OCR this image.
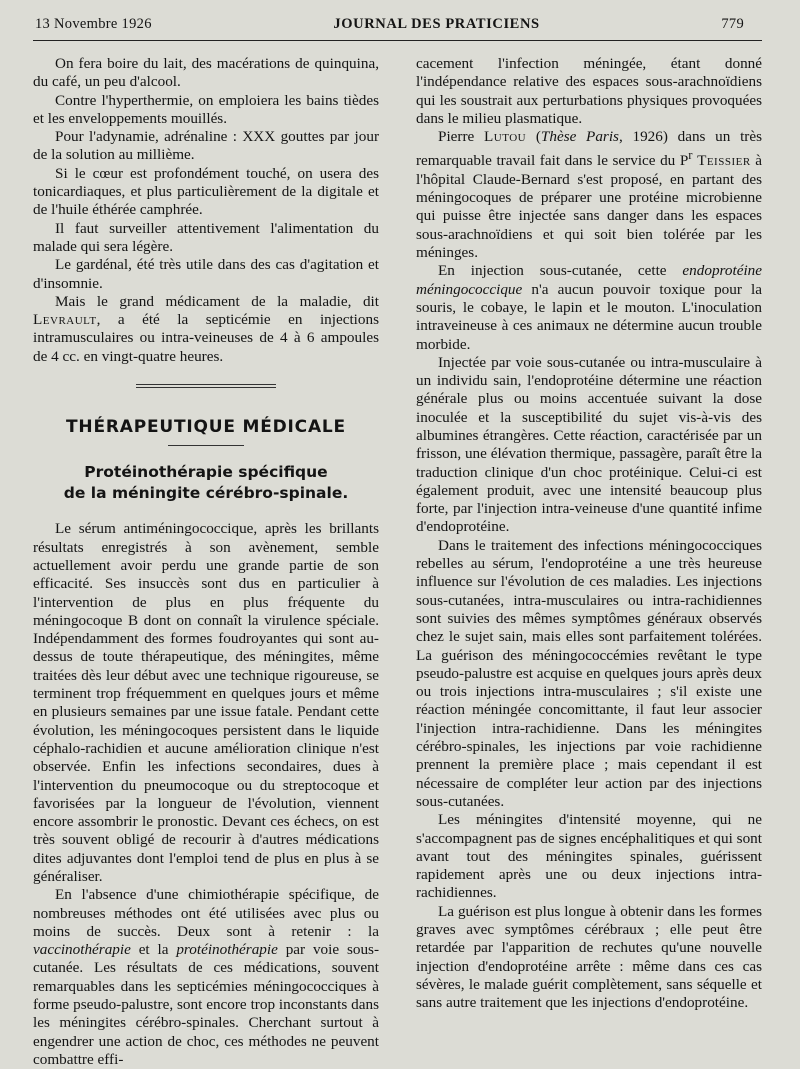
13 Novembre 1926	JOURNAL DES PRATICIENS	779

On fera boire du lait, des macérations de quinquina, du café, un peu d'alcool.

Contre l'hyperthermie, on emploiera les bains tièdes et les enveloppements mouillés.

Pour l'adynamie, adrénaline : XXX gouttes par jour de la solution au millième.

Si le cœur est profondément touché, on usera des tonicardiaques, et plus particulièrement de la digitale et de l'huile éthérée camphrée.

Il faut surveiller attentivement l'alimentation du malade qui sera légère.

Le gardénal, été très utile dans des cas d'agitation et d'insomnie.

Mais le grand médicament de la maladie, dit Levrault, a été la septicémie en injections intramusculaires ou intra-veineuses de 4 à 6 ampoules de 4 cc. en vingt-quatre heures.

THÉRAPEUTIQUE MÉDICALE
Protéinothérapie spécifique
de la méningite cérébro-spinale.

Le sérum antiméningococcique, après les brillants résultats enregistrés à son avènement, semble actuellement avoir perdu une grande partie de son efficacité. Ses insuccès sont dus en particulier à l'intervention de plus en plus fréquente du méningocoque B dont on connaît la virulence spéciale. Indépendamment des formes foudroyantes qui sont au-dessus de toute thérapeutique, des méningites, même traitées dès leur début avec une technique rigoureuse, se terminent trop fréquemment en quelques jours et même en plusieurs semaines par une issue fatale. Pendant cette évolution, les méningocoques persistent dans le liquide céphalo-rachidien et aucune amélioration clinique n'est observée. Enfin les infections secondaires, dues à l'intervention du pneumocoque ou du streptocoque et favorisées par la longueur de l'évolution, viennent encore assombrir le pronostic. Devant ces échecs, on est très souvent obligé de recourir à d'autres médications dites adjuvantes dont l'emploi tend de plus en plus à se généraliser.

En l'absence d'une chimiothérapie spécifique, de nombreuses méthodes ont été utilisées avec plus ou moins de succès. Deux sont à retenir : la vaccinothérapie et la protéinothérapie par voie sous-cutanée. Les résultats de ces médications, souvent remarquables dans les septicémies méningococciques à forme pseudo-palustre, sont encore trop inconstants dans les méningites cérébro-spinales. Cherchant surtout à engendrer une action de choc, ces méthodes ne peuvent combattre effi-

cacement l'infection méningée, étant donné l'indépendance relative des espaces sous-arachnoïdiens qui les soustrait aux perturbations physiques provoquées dans le milieu plasmatique.

Pierre Lutou (Thèse Paris, 1926) dans un très remarquable travail fait dans le service du $P^r$ Teissier à l'hôpital Claude-Bernard s'est proposé, en partant des méningocoques de préparer une protéine microbienne qui puisse être injectée sans danger dans les espaces sous-arachnoïdiens et qui soit bien tolérée par les méninges.

En injection sous-cutanée, cette endoprotéine méningococcique n'a aucun pouvoir toxique pour la souris, le cobaye, le lapin et le mouton. L'inoculation intraveineuse à ces animaux ne détermine aucun trouble morbide.

Injectée par voie sous-cutanée ou intra-musculaire à un individu sain, l'endoprotéine détermine une réaction générale plus ou moins accentuée suivant la dose inoculée et la susceptibilité du sujet vis-à-vis des albumines étrangères. Cette réaction, caractérisée par un frisson, une élévation thermique, passagère, paraît être la traduction clinique d'un choc protéinique. Celui-ci est également produit, avec une intensité beaucoup plus forte, par l'injection intra-veineuse d'une quantité infime d'endoprotéine.

Dans le traitement des infections méningococciques rebelles au sérum, l'endoprotéine a une très heureuse influence sur l'évolution de ces maladies. Les injections sous-cutanées, intra-musculaires ou intra-rachidiennes sont suivies des mêmes symptômes généraux observés chez le sujet sain, mais elles sont parfaitement tolérées. La guérison des méningococcémies revêtant le type pseudo-palustre est acquise en quelques jours après deux ou trois injections intra-musculaires ; s'il existe une réaction méningée concomittante, il faut leur associer l'injection intra-rachidienne. Dans les méningites cérébro-spinales, les injections par voie rachidienne prennent la première place ; mais cependant il est nécessaire de compléter leur action par des injections sous-cutanées.

Les méningites d'intensité moyenne, qui ne s'accompagnent pas de signes encéphalitiques et qui sont avant tout des méningites spinales, guérissent rapidement après une ou deux injections intra-rachidiennes.

La guérison est plus longue à obtenir dans les formes graves avec symptômes cérébraux ; elle peut être retardée par l'apparition de rechutes qu'une nouvelle injection d'endoprotéine arrête : même dans ces cas sévères, le malade guérit complètement, sans séquelle et sans autre traitement que les injections d'endoprotéine.
